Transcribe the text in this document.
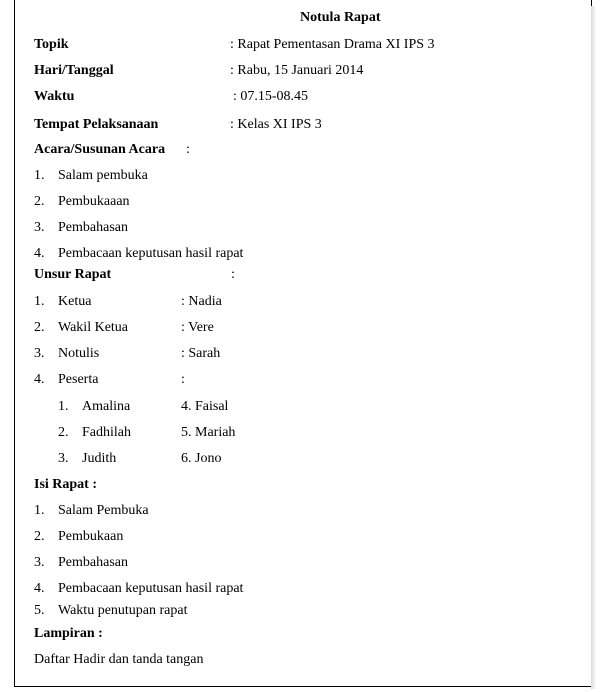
Notula Rapat
Topik	: Rapat Pementasan Drama XI IPS 3
Hari/Tanggal	: Rabu, 15 Januari 2014
Waktu	: 07.15-08.45
Tempat Pelaksanaan	: Kelas XI IPS 3
Acara/Susunan Acara :
1. Salam pembuka
2. Pembukaaan
3. Pembahasan
4. Pembacaan keputusan hasil rapat
Unsur Rapat	:
1. Ketua	: Nadia
2. Wakil Ketua	: Vere
3. Notulis	: Sarah
4. Peserta	:
1. Amalina	4. Faisal
2. Fadhilah	5. Mariah
3. Judith	6. Jono
Isi Rapat :
1. Salam Pembuka
2. Pembukaan
3. Pembahasan
4. Pembacaan keputusan hasil rapat
5. Waktu penutupan rapat
Lampiran :
Daftar Hadir dan tanda tangan
